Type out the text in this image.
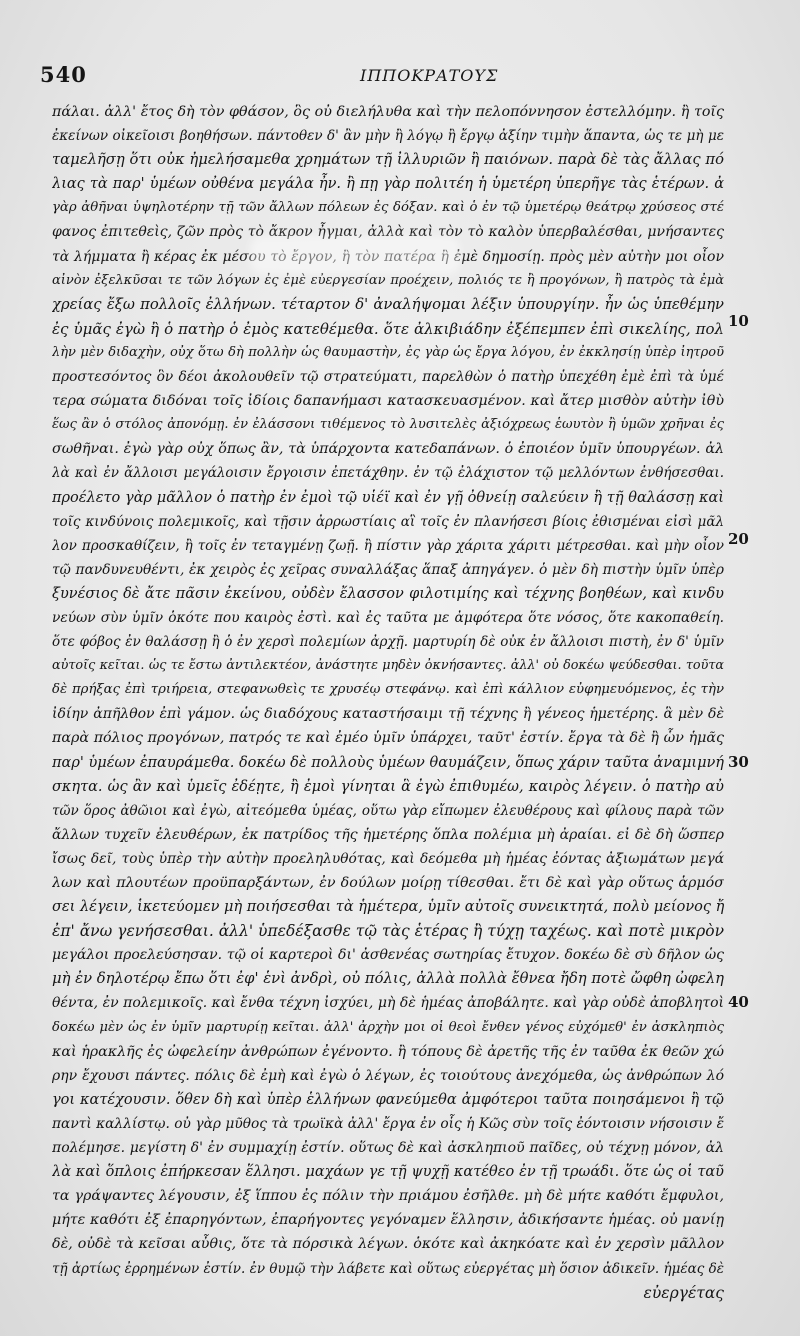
540	ΙΠΠΟΚΡΑΤΟΥΣ
πάλαι. ἀλλ' ἔτος δὴ τὸν φθάσον, ὃς οὐ διελήλυθα καὶ τὴν πελοπόννησον ἐστελλόμην. ἢ τοῖς
ἐκείνων οἰκεῖοισι βοηθήσων. πάντοθεν δ' ἂν μὴν ἢ λόγῳ ἢ ἔργῳ ἀξίην τιμὴν ἅπαντα, ὡς τε μὴ με
ταμελῆσῃ ὅτι οὐκ ἠμελήσαμεθα χρημάτων τῇ ἰλλυριῶν ἢ παιόνων. παρὰ δὲ τὰς ἄλλας πό
λιας τὰ παρ' ὑμέων οὐθένα μεγάλα ἦν. ἢ πῃ γὰρ πολιτέη ἡ ὑμετέρη ὑπερῆγε τὰς ἑτέρων. ἀ
γὰρ ἀθῆναι ὑψηλοτέρην τῇ τῶν ἄλλων πόλεων ἐς δόξαν. καὶ ὁ ἐν τῷ ὑμετέρῳ θεάτρῳ χρύσεος στέ
φανος ἐπιτεθεὶς, ζῶν πρὸς τὸ ἄκρον ἦγμαι, ἀλλὰ καὶ τὸν τὸ καλὸν ὑπερβαλέσθαι, μνήσαντες
τὰ λήμματα ἢ κέρας ἐκ μέσου τὸ ἔργον, ἢ τὸν πατέρα ἢ ἐμὲ δημοσίῃ. πρὸς μὲν αὐτὴν μοι οἶον
αἰνὸν ἐξελκῦσαι τε τῶν λόγων ἐς ἐμὲ εὐεργεσίαν προέχειν, πολιός τε ἢ προγόνων, ἢ πατρὸς τὰ ἐμὰ
χρείας ἔξω πολλοῖς ἐλλήνων. τέταρτον δ' ἀναλήψομαι λέξιν ὑπουργίην. ἦν ὡς ὑπεθέμην
ἐς ὑμᾶς ἐγὼ ἢ ὁ πατὴρ ὁ ἐμὸς κατεθέμεθα. ὅτε ἀλκιβιάδην ἐξέπεμπεν ἐπὶ σικελίης, πολ
λὴν μὲν διδαχὴν, οὐχ ὅτω δὴ πολλὴν ὡς θαυμαστὴν, ἐς γὰρ ὡς ἔργα λόγου, ἐν ἐκκλησίῃ ὑπὲρ ἰητροῦ
προστεσόντος ὃν δέοι ἀκολουθεῖν τῷ στρατεύματι, παρελθὼν ὁ πατὴρ ὑπεχέθη ἐμὲ ἐπὶ τὰ ὑμέ
τερα σώματα διδόναι τοῖς ἰδίοις δαπανήμασι κατασκευασμένον. καὶ ἄτερ μισθὸν αὐτὴν ἰθὺ
ἕως ἂν ὁ στόλος ἀπονόμῃ. ἐν ἐλάσσονι τιθέμενος τὸ λυσιτελὲς ἀξιόχρεως ἑωυτὸν ἢ ὑμῶν χρῆναι ἐς
σωθῆναι. ἐγὼ γὰρ οὐχ ὅπως ἂν, τὰ ὑπάρχοντα κατεδαπάνων. ὁ ἐποιέον ὑμῖν ὑπουργέων. ἀλ
λὰ καὶ ἐν ἄλλοισι μεγάλοισιν ἔργοισιν ἐπετάχθην. ἐν τῷ ἐλάχιστον τῷ μελλόντων ἐνθήσεσθαι.
προέλετο γὰρ μᾶλλον ὁ πατὴρ ἐν ἐμοὶ τῷ υἱέϊ καὶ ἐν γῇ ὀθνείῃ σαλεύειν ἢ τῇ θαλάσσῃ καὶ
τοῖς κινδύνοις πολεμικοῖς, καὶ τῇσιν ἀρρωστίαις αἳ τοῖς ἐν πλανήσεσι βίοις ἐθισμέναι εἰσὶ μᾶλ
λον προσκαθίζειν, ἢ τοῖς ἐν τεταγμένῃ ζωῇ. ἢ πίστιν γὰρ χάριτα χάριτι μέτρεσθαι. καὶ μὴν οἶον
τῷ πανδυνευθέντι, ἐκ χειρὸς ἐς χεῖρας συναλλάξας ἅπαξ ἀπηγάγεν. ὁ μὲν δὴ πιστὴν ὑμῖν ὑπὲρ
ξυνέσιος δὲ ἄτε πᾶσιν ἐκείνου, οὐδὲν ἔλασσον φιλοτιμίης καὶ τέχνης βοηθέων, καὶ κινδυ
νεύων σὺν ὑμῖν ὁκότε που καιρὸς ἐστὶ. καὶ ἐς ταῦτα με ἀμφότερα ὅτε νόσος, ὅτε κακοπαθείη.
ὅτε φόβος ἐν θαλάσσῃ ἢ ὁ ἐν χερσὶ πολεμίων ἀρχῇ. μαρτυρίη δὲ οὐκ ἐν ἄλλοισι πιστὴ, ἐν δ' ὑμῖν
αὐτοῖς κεῖται. ὡς τε ἔστω ἀντιλεκτέον, ἀνάστητε μηδὲν ὀκνήσαντες. ἀλλ' οὐ δοκέω ψεύδεσθαι. τοῦτα
δὲ πρήξας ἐπὶ τριήρεια, στεφανωθεὶς τε χρυσέῳ στεφάνῳ. καὶ ἐπὶ κάλλιον εὐφημευόμενος, ἐς τὴν
ἰδίην ἀπῆλθον ἐπὶ γάμον. ὡς διαδόχους καταστήσαιμι τῇ τέχνης ἢ γένεος ἡμετέρης. ἃ μὲν δὲ
παρὰ πόλιος προγόνων, πατρός τε καὶ ἐμέο ὑμῖν ὑπάρχει, ταῦτ' ἐστίν. ἔργα τὰ δὲ ἢ ὧν ἡμᾶς
παρ' ὑμέων ἐπαυράμεθα. δοκέω δὲ πολλοὺς ὑμέων θαυμάζειν, ὅπως χάριν ταῦτα ἀναμιμνή
σκητα. ὡς ἂν καὶ ὑμεῖς ἐδέῃτε, ἢ ἐμοὶ γίνηται ἃ ἐγὼ ἐπιθυμέω, καιρὸς λέγειν. ὁ πατὴρ αὐ
τῶν ὅρος ἀθῶιοι καὶ ἐγὼ, αἰτεόμεθα ὑμέας, οὕτω γὰρ εἴπωμεν ἐλευθέρους καὶ φίλους παρὰ τῶν
ἄλλων τυχεῖν ἐλευθέρων, ἐκ πατρίδος τῆς ἡμετέρης ὅπλα πολέμια μὴ ἀραίαι. εἰ δὲ δὴ ὥσπερ
ἴσως δεῖ, τοὺς ὑπὲρ τὴν αὐτὴν προεληλυθότας, καὶ δεόμεθα μὴ ἡμέας ἐόντας ἀξιωμάτων μεγά
λων καὶ πλουτέων προϋπαρξάντων, ἐν δούλων μοίρῃ τίθεσθαι. ἔτι δὲ καὶ γὰρ οὕτως ἁρμόσ
σει λέγειν, ἱκετεύομεν μὴ ποιήσεσθαι τὰ ἡμέτερα, ὑμῖν αὐτοῖς συνεικτητά, πολὺ μείονος ἤ
ἐπ' ἄνω γενήσεσθαι. ἀλλ' ὑπεδέξασθε τῷ τὰς ἑτέρας ἢ τύχῃ ταχέως. καὶ ποτὲ μικρὸν
μεγάλοι προελεύσησαν. τῷ οἱ καρτεροὶ δι' ἀσθενέας σωτηρίας ἔτυχον. δοκέω δὲ σὺ δῆλον ὡς
μὴ ἐν δηλοτέρῳ ἔπω ὅτι ἐφ' ἑνὶ ἀνδρὶ, οὐ πόλις, ἀλλὰ πολλὰ ἔθνεα ἤδη ποτὲ ὤφθη ὠφελη
θέντα, ἐν πολεμικοῖς. καὶ ἔνθα τέχνη ἰσχύει, μὴ δὲ ἡμέας ἀποβάλητε. καὶ γὰρ οὐδὲ ἀποβλητοὶ
δοκέω μὲν ὡς ἐν ὑμῖν μαρτυρίῃ κεῖται. ἀλλ' ἀρχὴν μοι οἱ θεοὶ ἔνθεν γένος εὐχόμεθ' ἐν ἀσκληπιὸς
καὶ ἡρακλῆς ἐς ὠφελείην ἀνθρώπων ἐγένοντο. ἢ τόπους δὲ ἀρετῆς τῆς ἐν ταῦθα ἐκ θεῶν χώ
ρην ἔχουσι πάντες. πόλις δὲ ἐμὴ καὶ ἐγὼ ὁ λέγων, ἐς τοιούτους ἀνεχόμεθα, ὡς ἀνθρώπων λό
γοι κατέχουσιν. ὅθεν δὴ καὶ ὑπὲρ ἑλλήνων φανεύμεθα ἀμφότεροι ταῦτα ποιησάμενοι ἢ τῷ
παντὶ καλλίστῳ. οὐ γὰρ μῦθος τὰ τρωϊκὰ ἀλλ' ἔργα ἐν οἷς ἡ Κῶς σὺν τοῖς ἐόντοισιν νήσοισιν ἔ
πολέμησε. μεγίστη δ' ἐν συμμαχίῃ ἐστίν. οὕτως δὲ καὶ ἀσκληπιοῦ παῖδες, οὐ τέχνῃ μόνον, ἀλ
λὰ καὶ ὅπλοις ἐπήρκεσαν ἕλλησι. μαχάων γε τῇ ψυχῇ κατέθεο ἐν τῇ τρωάδι. ὅτε ὡς οἱ ταῦ
τα γράψαντες λέγουσιν, ἐξ ἵππου ἐς πόλιν τὴν πριάμου ἐσῆλθε. μὴ δὲ μήτε καθότι ἔμφυλοι,
μήτε καθότι ἐξ ἐπαρηγόντων, ἐπαρήγοντες γεγόναμεν ἕλλησιν, ἀδικήσαντε ἡμέας. οὐ μανίῃ
δὲ, οὐδὲ τὰ κεῖσαι αὖθις, ὅτε τὰ πόρσικὰ λέγων. ὁκότε καὶ ἀκηκόατε καὶ ἐν χερσὶν μᾶλλον
τῇ ἀρτίως ἐρρημένων ἐστίν. ἐν θυμῷ τὴν λάβετε καὶ οὕτως εὐεργέτας μὴ ὅσιον ἀδικεῖν. ἡμέας δὲ
εὐεργέτας
10
20
30
40
